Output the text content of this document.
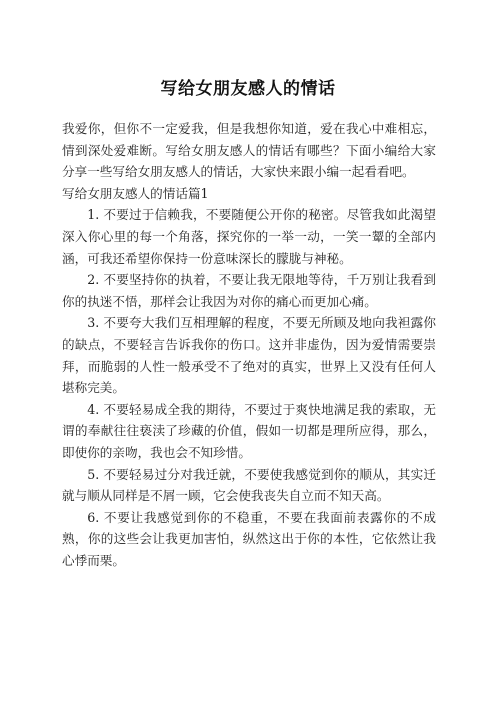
写给女朋友感人的情话

我爱你，但你不一定爱我，但是我想你知道，爱在我心中难相忘，情到深处爱难断。写给女朋友感人的情话有哪些？下面小编给大家分享一些写给女朋友感人的情话，大家快来跟小编一起看看吧。

写给女朋友感人的情话篇1

1. 不要过于信赖我，不要随便公开你的秘密。尽管我如此渴望深入你心里的每一个角落，探究你的一举一动，一笑一颦的全部内涵，可我还希望你保持一份意味深长的朦胧与神秘。

2. 不要坚持你的执着，不要让我无限地等待，千万别让我看到你的执迷不悟，那样会让我因为对你的痛心而更加心痛。

3. 不要夸大我们互相理解的程度，不要无所顾及地向我袒露你的缺点，不要轻言告诉我你的伤口。这并非虚伪，因为爱情需要崇拜，而脆弱的人性一般承受不了绝对的真实，世界上又没有任何人堪称完美。

4. 不要轻易成全我的期待，不要过于爽快地满足我的索取，无谓的奉献往往亵渎了珍藏的价值，假如一切都是理所应得，那么，即使你的亲吻，我也会不知珍惜。

5. 不要轻易过分对我迁就，不要使我感觉到你的顺从，其实迁就与顺从同样是不屑一顾，它会使我丧失自立而不知天高。

6. 不要让我感觉到你的不稳重，不要在我面前表露你的不成熟，你的这些会让我更加害怕，纵然这出于你的本性，它依然让我心悸而栗。
